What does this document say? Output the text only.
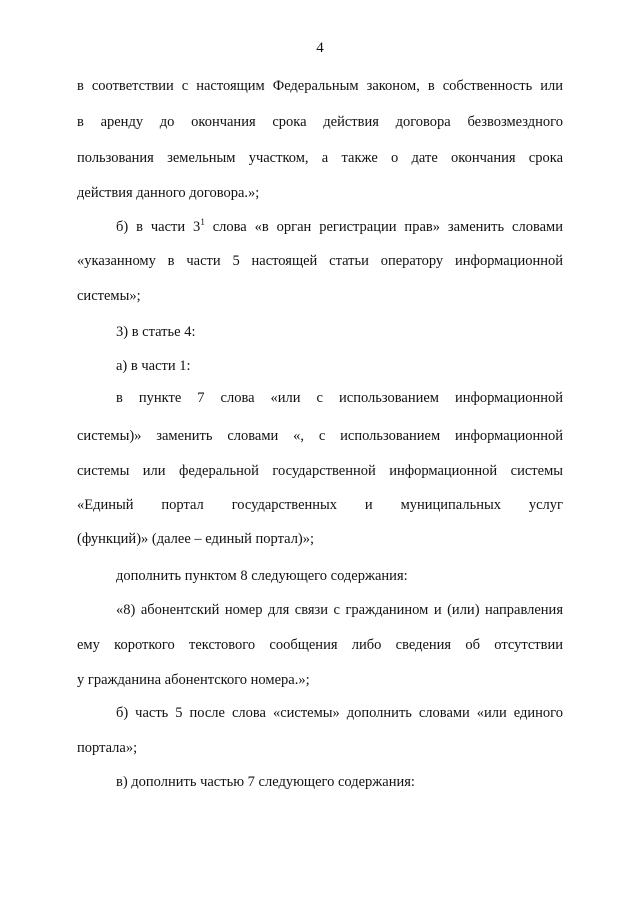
4
в соответствии с настоящим Федеральным законом, в собственность или
в аренду до окончания срока действия договора безвозмездного
пользования земельным участком, а также о дате окончания срока
действия данного договора.»;
б) в части $3^1$ слова «в орган регистрации прав» заменить словами
«указанному в части 5 настоящей статьи оператору информационной
системы»;
3) в статье 4:
а) в части 1:
в пункте 7 слова «или с использованием информационной
системы)» заменить словами «, с использованием информационной
системы или федеральной государственной информационной системы
«Единый портал государственных и муниципальных услуг
(функций)» (далее – единый портал)»;
дополнить пунктом 8 следующего содержания:
«8) абонентский номер для связи с гражданином и (или) направления
ему короткого текстового сообщения либо сведения об отсутствии
у гражданина абонентского номера.»;
б) часть 5 после слова «системы» дополнить словами «или единого
портала»;
в) дополнить частью 7 следующего содержания:
